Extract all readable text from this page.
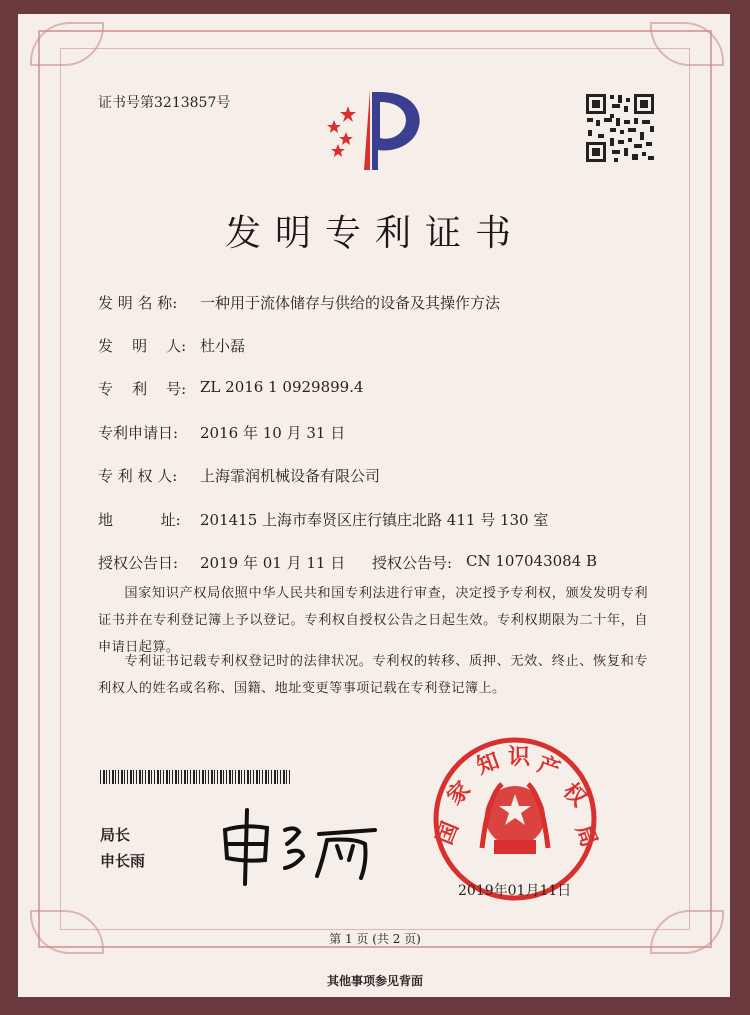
证书号第3213857号
发明专利证书
发 明 名 称: 一种用于流体储存与供给的设备及其操作方法
发    明    人: 杜小磊
专    利    号: ZL 2016 1 0929899.4
专利申请日: 2016 年 10 月 31 日
专 利 权 人: 上海霏润机械设备有限公司
地          址: 201415 上海市奉贤区庄行镇庄北路 411 号 130 室
授权公告日: 2019 年 01 月 11 日 授权公告号: CN 107043084 B
国家知识产权局依照中华人民共和国专利法进行审查，决定授予专利权，颁发发明专利证书并在专利登记簿上予以登记。专利权自授权公告之日起生效。专利权期限为二十年，自申请日起算。
专利证书记载专利权登记时的法律状况。专利权的转移、质押、无效、终止、恢复和专利权人的姓名或名称、国籍、地址变更等事项记载在专利登记簿上。
局长
申长雨
国
家
知 识 产
权
局
2019年01月11日
第 1 页 (共 2 页)
其他事项参见背面
